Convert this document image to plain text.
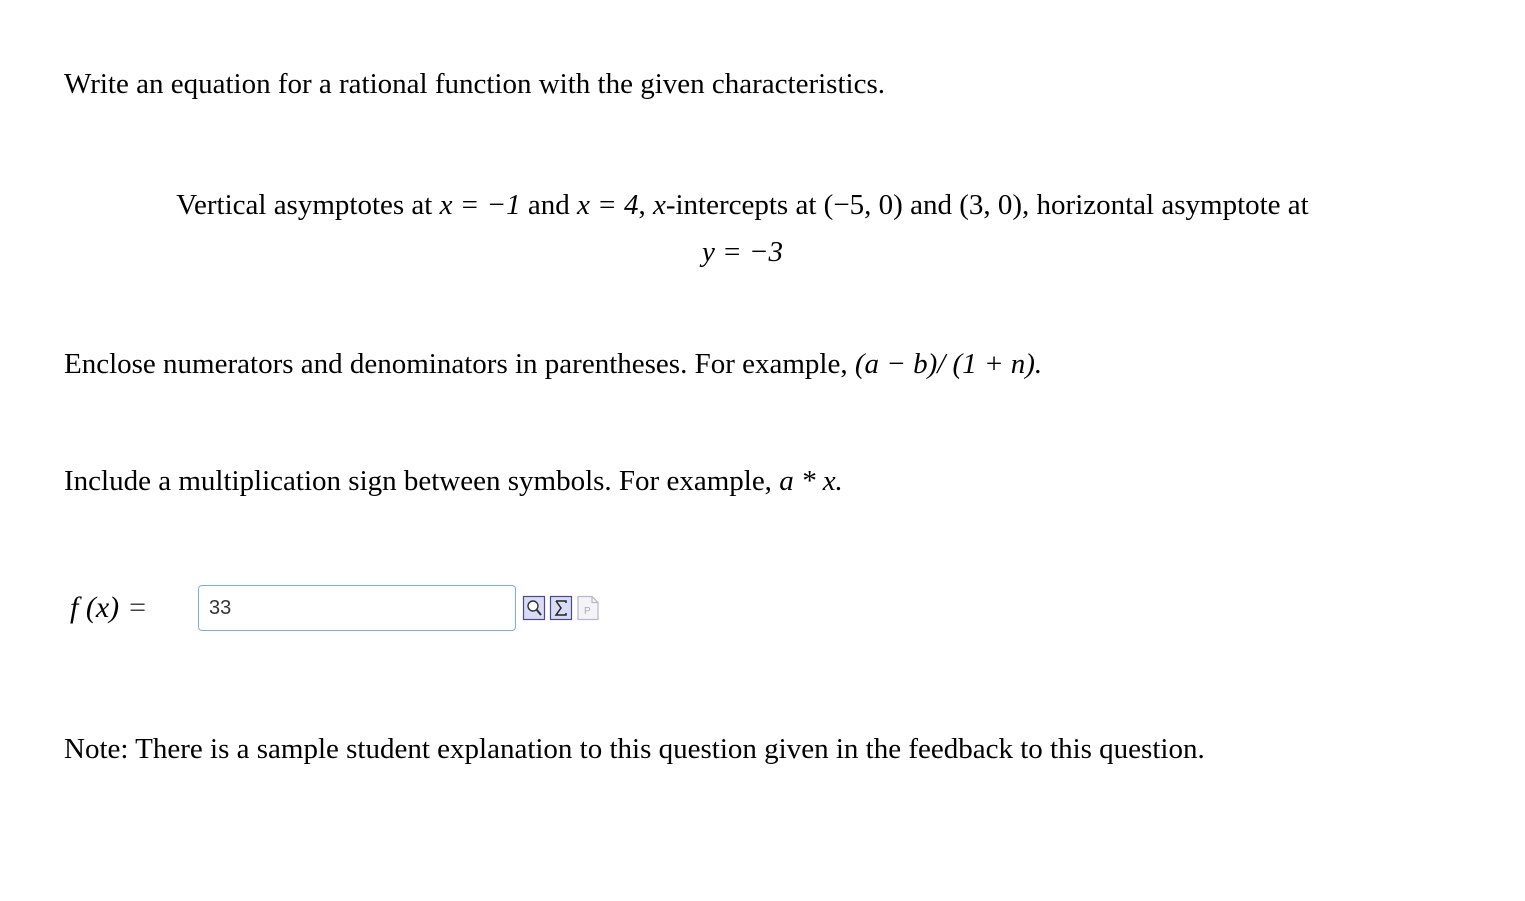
Write an equation for a rational function with the given characteristics.
Vertical asymptotes at x = −1 and x = 4, x-intercepts at (−5, 0) and (3, 0), horizontal asymptote at
y = −3
Enclose numerators and denominators in parentheses. For example, (a − b)/ (1 + n).
Include a multiplication sign between symbols. For example, a * x.
f (x) =
33	P
Note: There is a sample student explanation to this question given in the feedback to this question.
